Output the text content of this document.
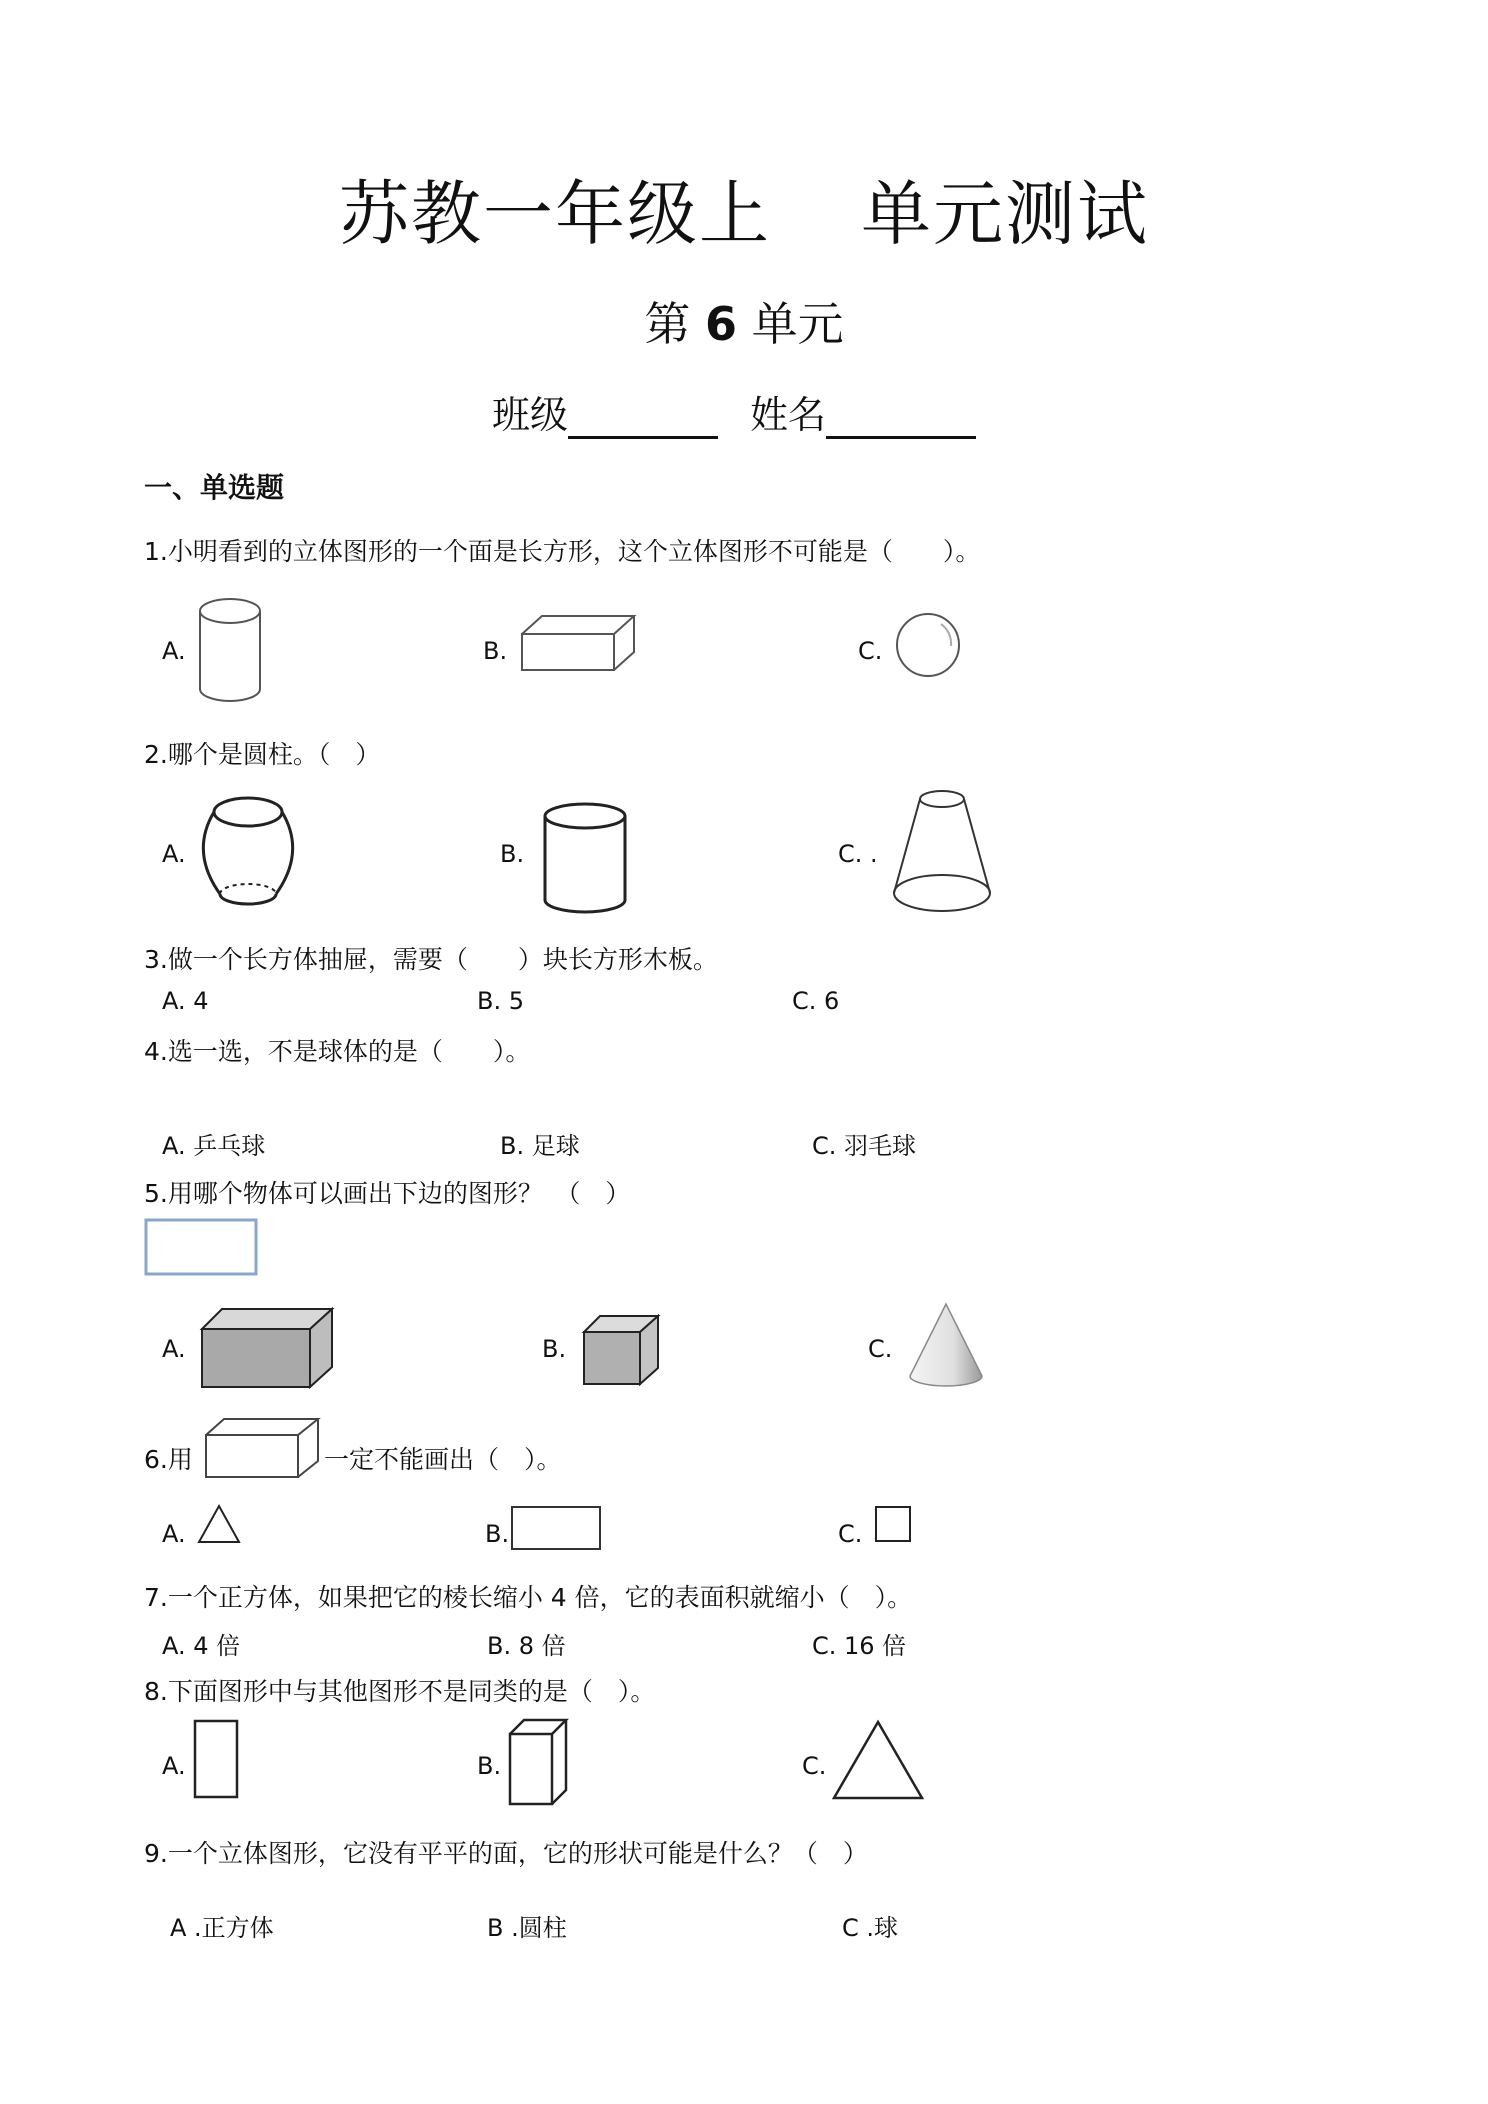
苏教一年级上 单元测试
第 6 单元
班级	姓名
一、单选题
1.小明看到的立体图形的一个面是长方形，这个立体图形不可能是（　　）。
A.	B.	C.
2.哪个是圆柱。（　）
A.	B.	C. .
3.做一个长方体抽屉，需要（　　）块长方形木板。
A. 4	B. 5	C. 6
4.选一选，不是球体的是（　　）。
A. 乒乓球	B. 足球	C. 羽毛球
5.用哪个物体可以画出下边的图形？　（　）
A.	B.	C.
6.用	一定不能画出（　）。
A.	B.	C.
7.一个正方体，如果把它的棱长缩小 4 倍，它的表面积就缩小（　）。
A. 4 倍	B. 8 倍	C. 16 倍
8.下面图形中与其他图形不是同类的是（　）。
A.	B.	C.
9.一个立体图形，它没有平平的面，它的形状可能是什么？（　）
A .正方体	B .圆柱	C .球
